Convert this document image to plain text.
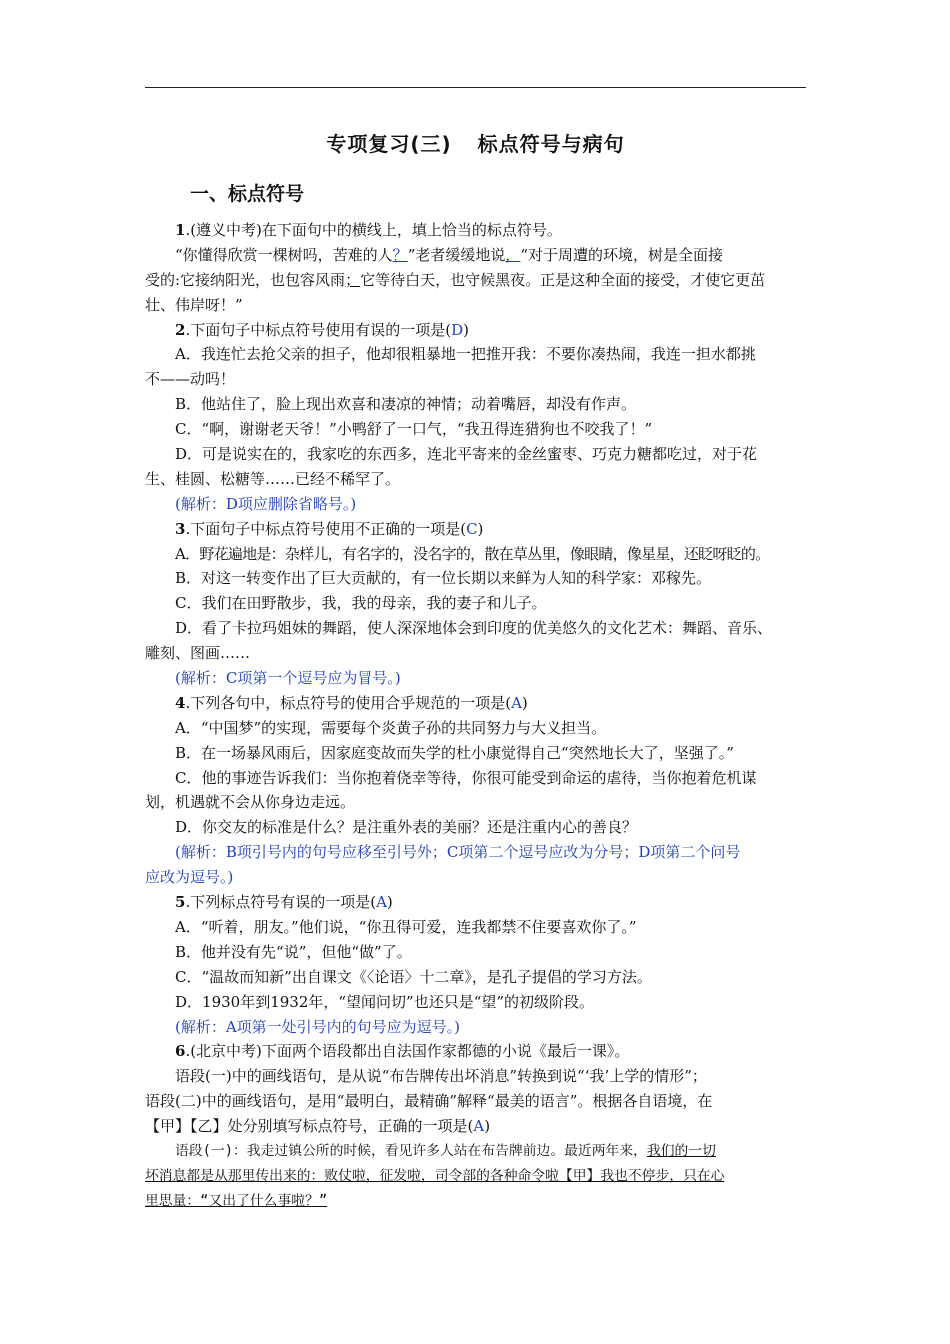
专项复习(三) 标点符号与病句
一、标点符号
1.(遵义中考)在下面句中的横线上，填上恰当的标点符号。
“你懂得欣赏一棵树吗，苦难的人？”老者缓缓地说，“对于周遭的环境，树是全面接
受的:它接纳阳光，也包容风雨；它等待白天，也守候黑夜。正是这种全面的接受，才使它更茁
壮、伟岸呀！”
2.下面句子中标点符号使用有误的一项是(D)
A．我连忙去抢父亲的担子，他却很粗暴地一把推开我：不要你凑热闹，我连一担水都挑
不——动吗！
B．他站住了，脸上现出欢喜和凄凉的神情；动着嘴唇，却没有作声。
C．“啊，谢谢老天爷！”小鸭舒了一口气，“我丑得连猎狗也不咬我了！”
D．可是说实在的，我家吃的东西多，连北平寄来的金丝蜜枣、巧克力糖都吃过，对于花
生、桂圆、松糖等……已经不稀罕了。
(解析：D项应删除省略号。)
3.下面句子中标点符号使用不正确的一项是(C)
A．野花遍地是：杂样儿，有名字的，没名字的，散在草丛里，像眼睛，像星星，还眨呀眨的。
B．对这一转变作出了巨大贡献的，有一位长期以来鲜为人知的科学家：邓稼先。
C．我们在田野散步，我，我的母亲，我的妻子和儿子。
D．看了卡拉玛姐妹的舞蹈，使人深深地体会到印度的优美悠久的文化艺术：舞蹈、音乐、
雕刻、图画……
(解析：C项第一个逗号应为冒号。)
4.下列各句中，标点符号的使用合乎规范的一项是(A)
A．“中国梦”的实现，需要每个炎黄子孙的共同努力与大义担当。
B．在一场暴风雨后，因家庭变故而失学的杜小康觉得自己“突然地长大了，坚强了。”
C．他的事迹告诉我们：当你抱着侥幸等待，你很可能受到命运的虐待，当你抱着危机谋
划，机遇就不会从你身边走远。
D．你交友的标准是什么？是注重外表的美丽？还是注重内心的善良？
(解析：B项引号内的句号应移至引号外；C项第二个逗号应改为分号；D项第二个问号
应改为逗号。)
5.下列标点符号有误的一项是(A)
A．“听着，朋友。”他们说，“你丑得可爱，连我都禁不住要喜欢你了。”
B．他并没有先“说”，但他“做”了。
C．“温故而知新”出自课文《〈论语〉十二章》，是孔子提倡的学习方法。
D．1930年到1932年，“望闻问切”也还只是“望”的初级阶段。
(解析：A项第一处引号内的句号应为逗号。)
6.(北京中考)下面两个语段都出自法国作家都德的小说《最后一课》。
语段(一)中的画线语句，是从说“布告牌传出坏消息”转换到说“‘我’上学的情形”；
语段(二)中的画线语句，是用“最明白，最精确”解释“最美的语言”。根据各自语境，在
【甲】【乙】处分别填写标点符号，正确的一项是(A)
语段(一)：我走过镇公所的时候，看见许多人站在布告牌前边。最近两年来，我们的一切
坏消息都是从那里传出来的：败仗啦，征发啦，司令部的各种命令啦【甲】我也不停步，只在心
里思量：“又出了什么事啦？”
